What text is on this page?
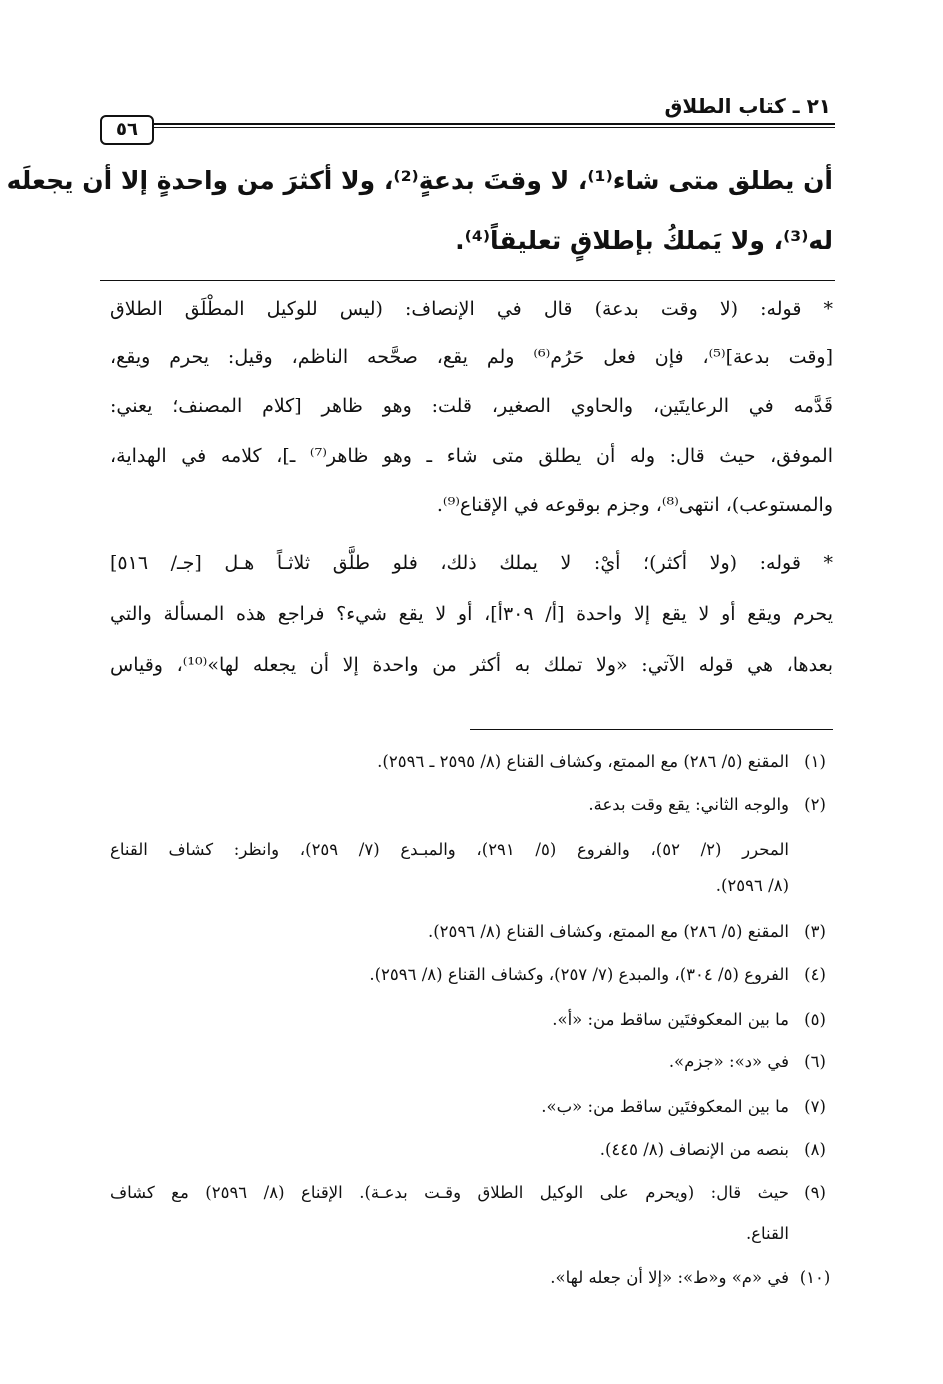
٢١ ـ كتاب الطلاق
٥٦
أن يطلق متى شاء⁽¹⁾، لا وقتَ بدعةٍ⁽²⁾، ولا أكثرَ من واحدةٍ إلا أن يجعلَه
له⁽³⁾، ولا يَملكُ بإطلاقٍ تعليقاً⁽⁴⁾.
* قوله: (لا وقت بدعة) قال في الإنصاف: (ليس للوكيل المطْلَق الطلاق
[وقت بدعة]⁽⁵⁾، فإن فعل حَرُم⁽⁶⁾ ولم يقع، صحَّحه الناظم، وقيل: يحرم ويقع،
قَدَّمه في الرعايتَين، والحاوي الصغير، قلت: وهو ظاهر [كلام المصنف؛ يعني:
الموفق، حيث قال: وله أن يطلق متى شاء ـ وهو ظاهر⁽⁷⁾ ـ]، كلامه في الهداية،
والمستوعب)، انتهى⁽⁸⁾، وجزم بوقوعه في الإقناع⁽⁹⁾.
* قوله: (ولا أكثر)؛ أيْ: لا يملك ذلك، فلو طلَّق ثلاثـاً هـل [جـ/ ٥١٦]
يحرم ويقع أو لا يقع إلا واحدة [أ/ ٣٠٩أ]، أو لا يقع شيء؟ فراجع هذه المسألة والتي
بعدها، هي قوله الآتي: «ولا تملك به أكثر من واحدة إلا أن يجعله لها»⁽¹⁰⁾، وقياس
(١)
المقنع (٥/ ٢٨٦) مع الممتع، وكشاف القناع (٨/ ٢٥٩٥ ـ ٢٥٩٦).
(٢)
والوجه الثاني: يقع وقت بدعة.
المحرر (٢/ ٥٢)، والفروع (٥/ ٢٩١)، والمبـدع (٧/ ٢٥٩)، وانظر: كشاف القناع
(٨/ ٢٥٩٦).
(٣)
المقنع (٥/ ٢٨٦) مع الممتع، وكشاف القناع (٨/ ٢٥٩٦).
(٤)
الفروع (٥/ ٣٠٤)، والمبدع (٧/ ٢٥٧)، وكشاف القناع (٨/ ٢٥٩٦).
(٥)
ما بين المعكوفتَين ساقط من: «أ».
(٦)
في «د»: «جزم».
(٧)
ما بين المعكوفتَين ساقط من: «ب».
(٨)
بنصه من الإنصاف (٨/ ٤٤٥).
(٩)
حيث قال: (ويحرم على الوكيل الطلاق وقـت بدعـة). الإقناع (٨/ ٢٥٩٦) مع كشاف
القناع.
(١٠)
في «م» و«ط»: «إلا أن جعله لها».
